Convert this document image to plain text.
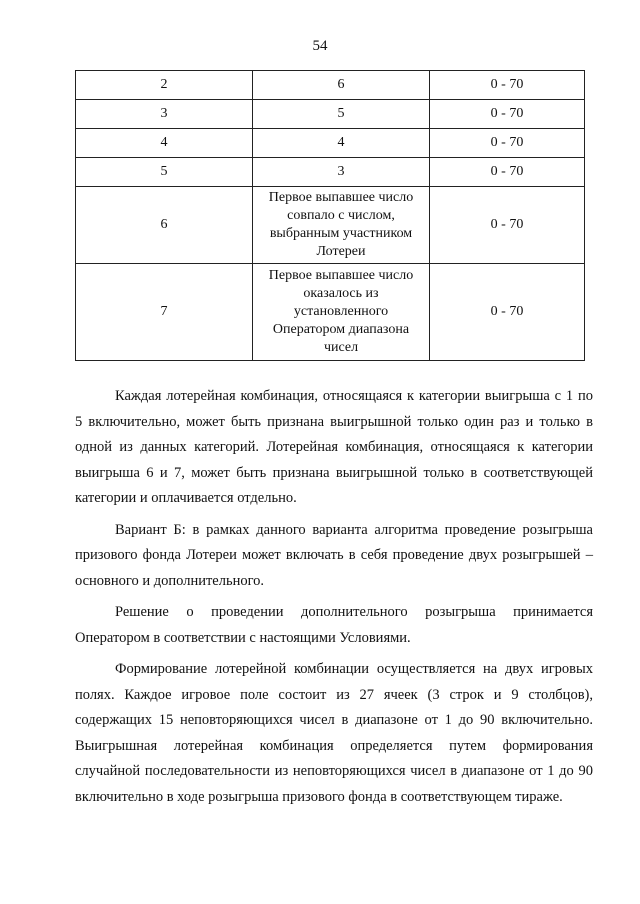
54
2	6	0 - 70
3	5	0 - 70
4	4	0 - 70
5	3	0 - 70
6	Первое выпавшее число
совпало с числом,
выбранным участником
Лотереи	0 - 70
7	Первое выпавшее число
оказалось из
установленного
Оператором диапазона
чисел	0 - 70

Каждая лотерейная комбинация, относящаяся к категории выигрыша с 1 по 5 включительно, может быть признана выигрышной только один раз и только в одной из данных категорий. Лотерейная комбинация, относящаяся к категории выигрыша 6 и 7, может быть признана выигрышной только в соответствующей категории и оплачивается отдельно.

Вариант Б: в рамках данного варианта алгоритма проведение розыгрыша призового фонда Лотереи может включать в себя проведение двух розыгрышей – основного и дополнительного.

Решение о проведении дополнительного розыгрыша принимается Оператором в соответствии с настоящими Условиями.

Формирование лотерейной комбинации осуществляется на двух игровых полях. Каждое игровое поле состоит из 27 ячеек (3 строк и 9 столбцов), содержащих 15 неповторяющихся чисел в диапазоне от 1 до 90 включительно. Выигрышная лотерейная комбинация определяется путем формирования случайной последовательности из неповторяющихся чисел в диапазоне от 1 до 90 включительно в ходе розыгрыша призового фонда в соответствующем тираже.
